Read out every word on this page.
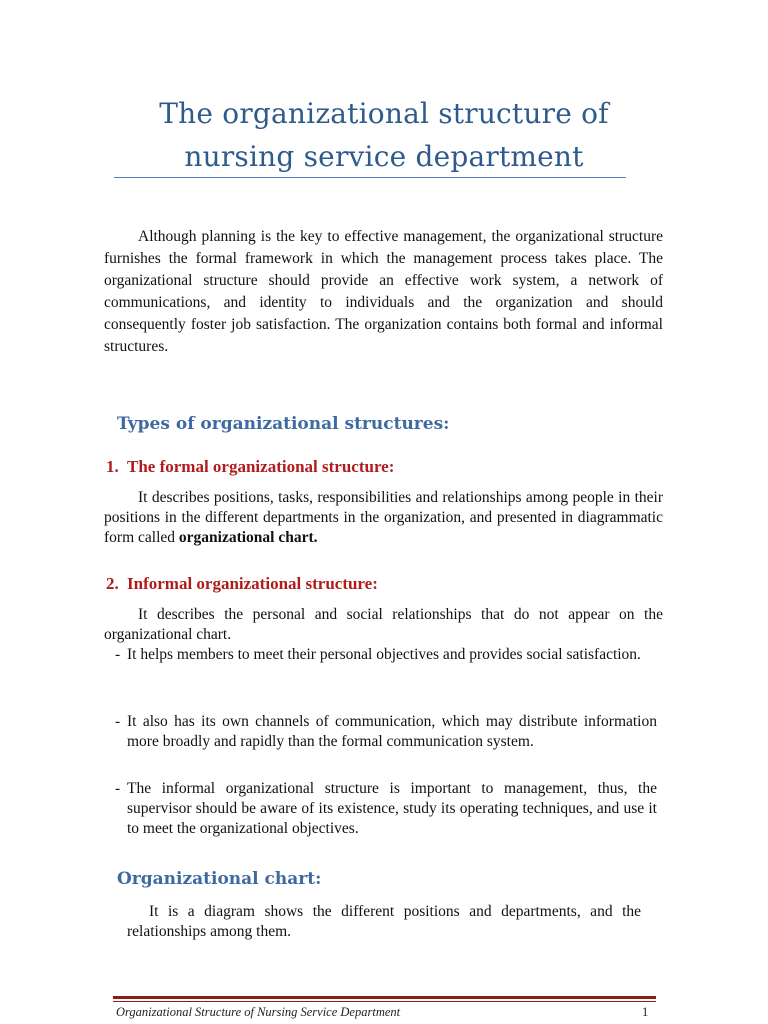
The organizational structure of
nursing service department

Although planning is the key to effective management, the organizational structure furnishes the formal framework in which the management process takes place. The organizational structure should provide an effective work system, a network of communications, and identity to individuals and the organization and should consequently foster job satisfaction. The organization contains both formal and informal structures.

Types of organizational structures:
1. The formal organizational structure:

It describes positions, tasks, responsibilities and relationships among people in their positions in the different departments in the organization, and presented in diagrammatic form called organizational chart.

2. Informal organizational structure:

It describes the personal and social relationships that do not appear on the organizational chart.

- It helps members to meet their personal objectives and provides social satisfaction.
- It also has its own channels of communication, which may distribute information more broadly and rapidly than the formal communication system.
- The informal organizational structure is important to management, thus, the supervisor should be aware of its existence, study its operating techniques, and use it to meet the organizational objectives.
Organizational chart:

It is a diagram shows the different positions and departments, and the relationships among them.

Organizational Structure of Nursing Service Department	1
